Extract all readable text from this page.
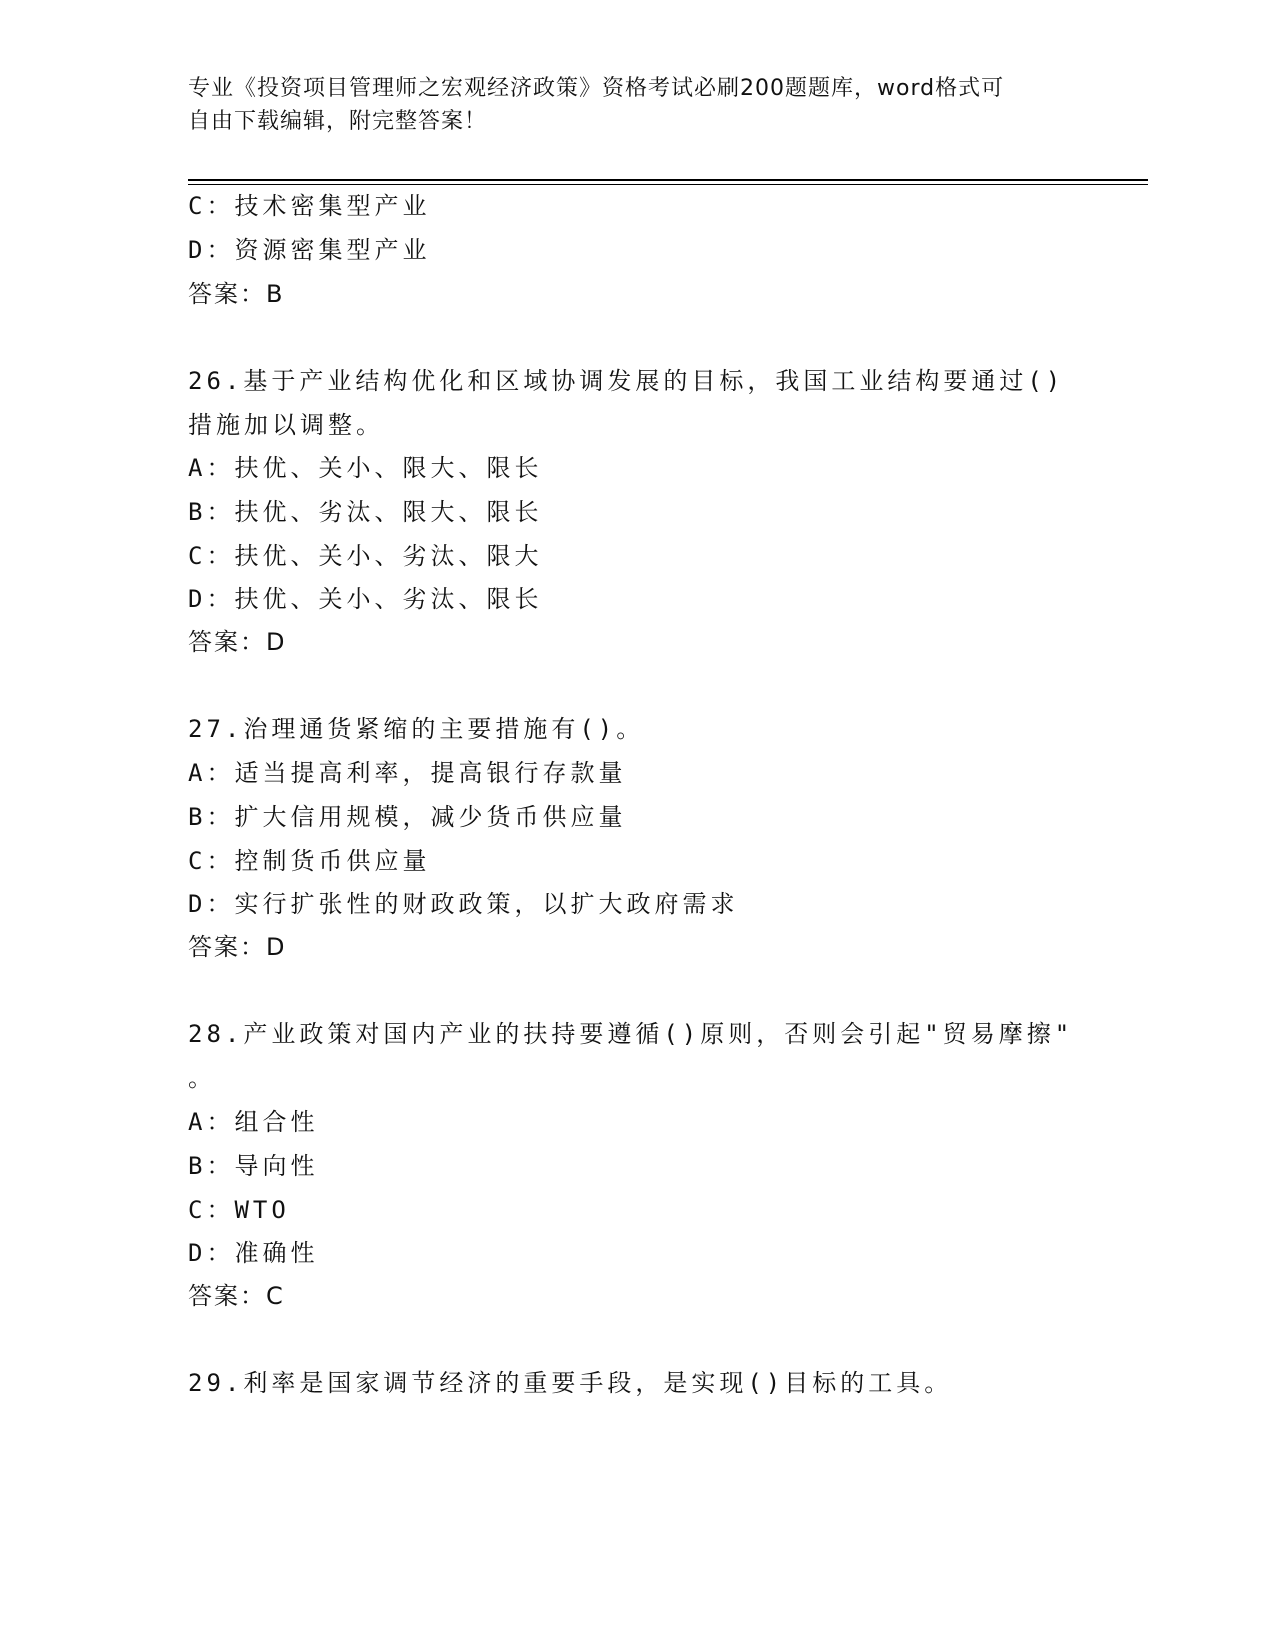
专业《投资项目管理师之宏观经济政策》资格考试必刷200题题库，word格式可
自由下载编辑，附完整答案！
C：技术密集型产业
D：资源密集型产业
答案：B
26.基于产业结构优化和区域协调发展的目标，我国工业结构要通过()
措施加以调整。
A：扶优、关小、限大、限长
B：扶优、劣汰、限大、限长
C：扶优、关小、劣汰、限大
D：扶优、关小、劣汰、限长
答案：D
27.治理通货紧缩的主要措施有()。
A：适当提高利率，提高银行存款量
B：扩大信用规模，减少货币供应量
C：控制货币供应量
D：实行扩张性的财政政策，以扩大政府需求
答案：D
28.产业政策对国内产业的扶持要遵循()原则，否则会引起"贸易摩擦"
。
A：组合性
B：导向性
C：WTO
D：准确性
答案：C
29.利率是国家调节经济的重要手段，是实现()目标的工具。
